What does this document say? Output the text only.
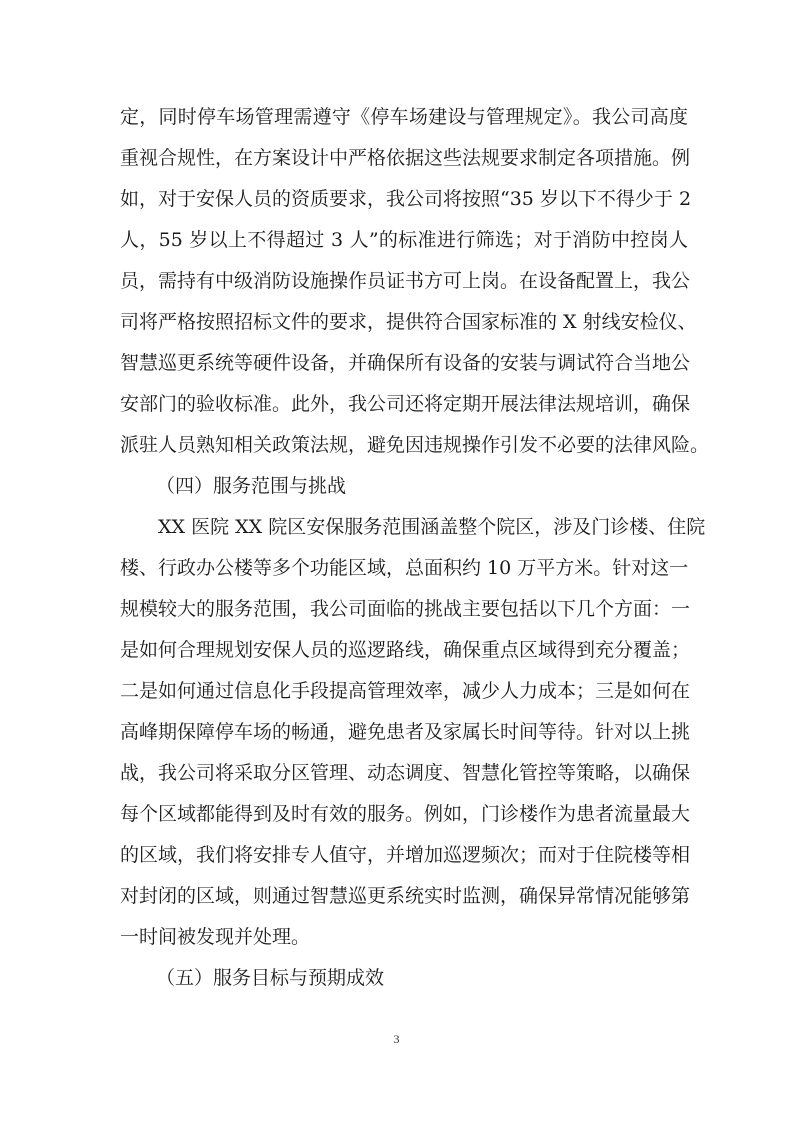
定，同时停车场管理需遵守《停车场建设与管理规定》。我公司高度
重视合规性，在方案设计中严格依据这些法规要求制定各项措施。例
如，对于安保人员的资质要求，我公司将按照“35 岁以下不得少于 2
人，55 岁以上不得超过 3 人”的标准进行筛选；对于消防中控岗人
员，需持有中级消防设施操作员证书方可上岗。在设备配置上，我公
司将严格按照招标文件的要求，提供符合国家标准的 X 射线安检仪、
智慧巡更系统等硬件设备，并确保所有设备的安装与调试符合当地公
安部门的验收标准。此外，我公司还将定期开展法律法规培训，确保
派驻人员熟知相关政策法规，避免因违规操作引发不必要的法律风险。
（四）服务范围与挑战
　　XX 医院 XX 院区安保服务范围涵盖整个院区，涉及门诊楼、住院
楼、行政办公楼等多个功能区域，总面积约 10 万平方米。针对这一
规模较大的服务范围，我公司面临的挑战主要包括以下几个方面：一
是如何合理规划安保人员的巡逻路线，确保重点区域得到充分覆盖；
二是如何通过信息化手段提高管理效率，减少人力成本；三是如何在
高峰期保障停车场的畅通，避免患者及家属长时间等待。针对以上挑
战，我公司将采取分区管理、动态调度、智慧化管控等策略，以确保
每个区域都能得到及时有效的服务。例如，门诊楼作为患者流量最大
的区域，我们将安排专人值守，并增加巡逻频次；而对于住院楼等相
对封闭的区域，则通过智慧巡更系统实时监测，确保异常情况能够第
一时间被发现并处理。
（五）服务目标与预期成效
3
